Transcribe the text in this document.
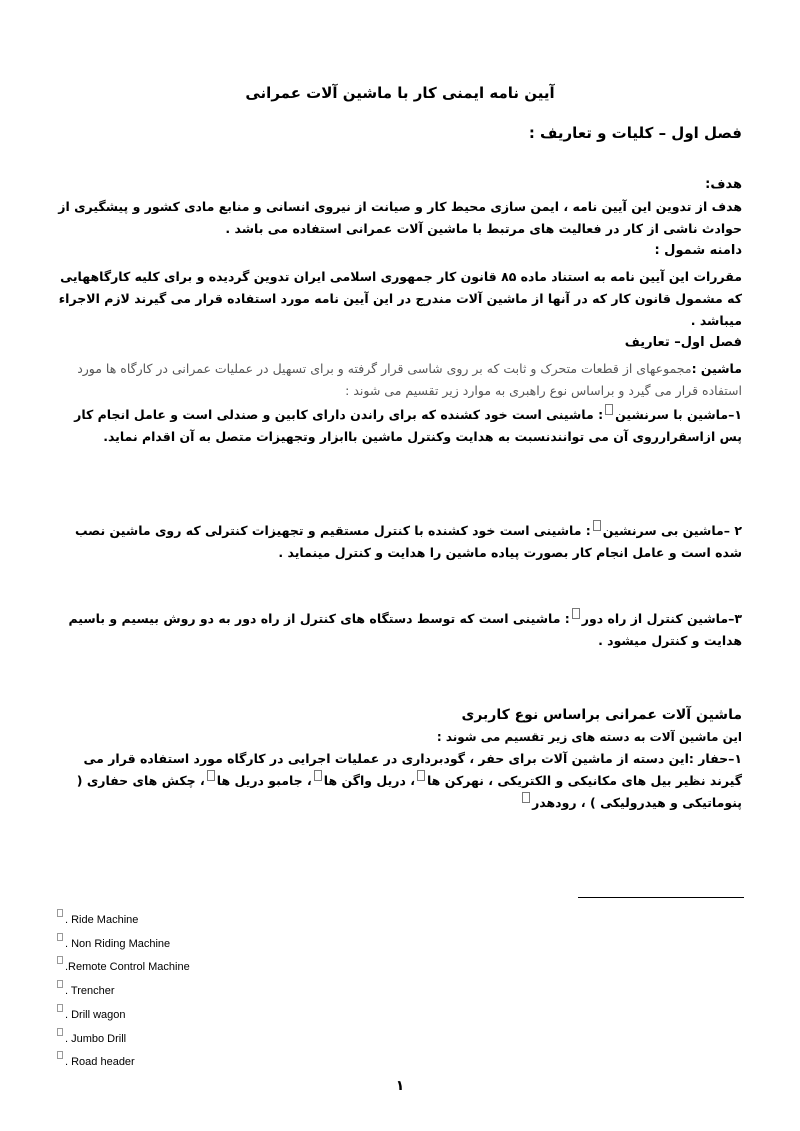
آیین نامه ایمنی کار با ماشین آلات عمرانی
فصل اول – کلیات و تعاریف :
هدف:
هدف از تدوین این آیین نامه ، ایمن سازی محیط کار و صیانت از نیروی انسانی و منابع مادی کشور و پیشگیری از حوادث ناشی از کار در فعالیت های مرتبط با ماشین آلات عمرانی استفاده می باشد .
دامنه شمول :
مقررات این آیین نامه به استناد ماده ۸۵ قانون کار جمهوری اسلامی ایران تدوین گردیده و برای کلیه کارگاههایی که مشمول قانون کار که در آنها از ماشین آلات مندرج در این آیین نامه مورد استفاده قرار می گیرند لازم الاجراء میباشد .
فصل اول– تعاریف
ماشین :مجموعهای از قطعات متحرک و ثابت که بر روی شاسی قرار گرفته و برای تسهیل در عملیات عمرانی در کارگاه ها مورد استفاده قرار می گیرد و براساس نوع راهبری به موارد زیر تقسیم می شوند :
۱–ماشین با سرنشین: ماشینی است خود کشنده که برای راندن دارای کابین و صندلی است و عامل انجام کار پس ازاسقرارروی آن می توانندنسبت به هدایت وکنترل ماشین باابزار وتجهیزات متصل به آن اقدام نماید.
۲ –ماشین بی سرنشین: ماشینی است خود کشنده با کنترل مستقیم و تجهیزات کنترلی که روی ماشین نصب شده است و عامل انجام کار بصورت پیاده ماشین را هدایت و کنترل مینماید .
۳–ماشین کنترل از راه دور: ماشینی است که توسط دستگاه های کنترل از راه دور به دو روش بیسیم و باسیم هدایت و کنترل میشود .
ماشین آلات عمرانی براساس نوع کاربری
این ماشین آلات به دسته های زیر تقسیم می شوند :
۱–حفار :این دسته از ماشین آلات برای حفر ، گودبرداری در عملیات اجرایی در کارگاه مورد استفاده قرار می گیرند نظیر بیل های مکانیکی و الکتریکی ، نهرکن ها، دریل واگن ها، جامبو دریل ها، چکش های حفاری ( پنوماتیکی و هیدرولیکی ) ، رودهدر
. Ride Machine
. Non Riding Machine
.Remote Control Machine
. Trencher
. Drill wagon
. Jumbo Drill
. Road header
۱
